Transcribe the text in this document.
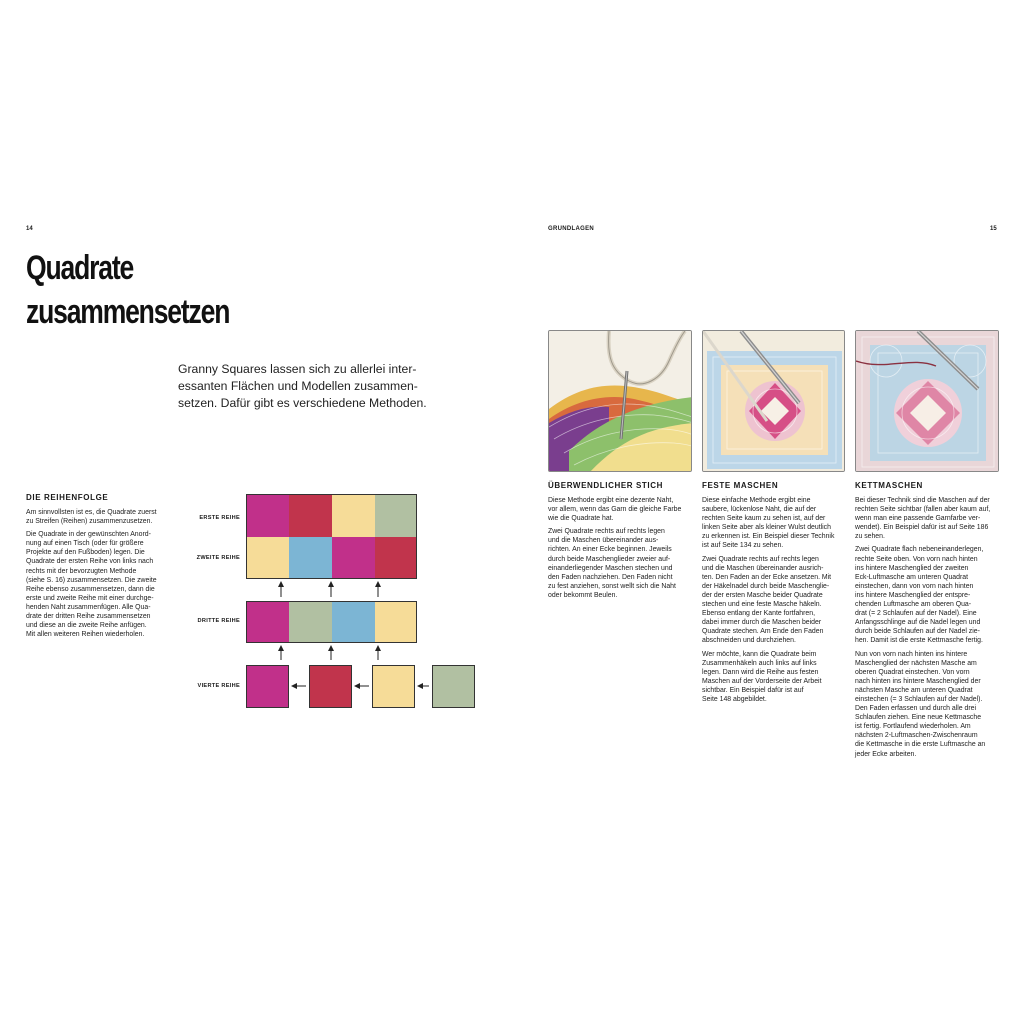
14
Quadrate
zusammensetzen
Granny Squares lassen sich zu allerlei inter-
essanten Flächen und Modellen zusammen-
setzen. Dafür gibt es verschiedene Methoden.
DIE REIHENFOLGE
Am sinnvollsten ist es, die Quadrate zuerst
zu Streifen (Reihen) zusammenzusetzen.
Die Quadrate in der gewünschten Anord-
nung auf einen Tisch (oder für größere
Projekte auf den Fußboden) legen. Die
Quadrate der ersten Reihe von links nach
rechts mit der bevorzugten Methode
(siehe S. 16) zusammensetzen. Die zweite
Reihe ebenso zusammensetzen, dann die
erste und zweite Reihe mit einer durchge-
henden Naht zusammenfügen. Alle Qua-
drate der dritten Reihe zusammensetzen
und diese an die zweite Reihe anfügen.
Mit allen weiteren Reihen wiederholen.
ERSTE REIHE
ZWEITE REIHE
DRITTE REIHE
VIERTE REIHE
GRUNDLAGEN	15
ÜBERWENDLICHER STICH
Diese Methode ergibt eine dezente Naht,
vor allem, wenn das Garn die gleiche Farbe
wie die Quadrate hat.
Zwei Quadrate rechts auf rechts legen
und die Maschen übereinander aus-
richten. An einer Ecke beginnen. Jeweils
durch beide Maschenglieder zweier auf-
einanderliegender Maschen stechen und
den Faden nachziehen. Den Faden nicht
zu fest anziehen, sonst wellt sich die Naht
oder bekommt Beulen.
FESTE MASCHEN
Diese einfache Methode ergibt eine
saubere, lückenlose Naht, die auf der
rechten Seite kaum zu sehen ist, auf der
linken Seite aber als kleiner Wulst deutlich
zu erkennen ist. Ein Beispiel dieser Technik
ist auf Seite 134 zu sehen.
Zwei Quadrate rechts auf rechts legen
und die Maschen übereinander ausrich-
ten. Den Faden an der Ecke ansetzen. Mit
der Häkelnadel durch beide Maschenglie-
der der ersten Masche beider Quadrate
stechen und eine feste Masche häkeln.
Ebenso entlang der Kante fortfahren,
dabei immer durch die Maschen beider
Quadrate stechen. Am Ende den Faden
abschneiden und durchziehen.
Wer möchte, kann die Quadrate beim
Zusammenhäkeln auch links auf links
legen. Dann wird die Reihe aus festen
Maschen auf der Vorderseite der Arbeit
sichtbar. Ein Beispiel dafür ist auf
Seite 148 abgebildet.
KETTMASCHEN
Bei dieser Technik sind die Maschen auf der
rechten Seite sichtbar (fallen aber kaum auf,
wenn man eine passende Garnfarbe ver-
wendet). Ein Beispiel dafür ist auf Seite 186
zu sehen.
Zwei Quadrate flach nebeneinanderlegen,
rechte Seite oben. Von vorn nach hinten
ins hintere Maschenglied der zweiten
Eck-Luftmasche am unteren Quadrat
einstechen, dann von vorn nach hinten
ins hintere Maschenglied der entspre-
chenden Luftmasche am oberen Qua-
drat (= 2 Schlaufen auf der Nadel). Eine
Anfangsschlinge auf die Nadel legen und
durch beide Schlaufen auf der Nadel zie-
hen. Damit ist die erste Kettmasche fertig.
Nun von vorn nach hinten ins hintere
Maschenglied der nächsten Masche am
oberen Quadrat einstechen. Von vorn
nach hinten ins hintere Maschenglied der
nächsten Masche am unteren Quadrat
einstechen (= 3 Schlaufen auf der Nadel).
Den Faden erfassen und durch alle drei
Schlaufen ziehen. Eine neue Kettmasche
ist fertig. Fortlaufend wiederholen. Am
nächsten 2-Luftmaschen-Zwischenraum
die Kettmasche in die erste Luftmasche an
jeder Ecke arbeiten.
